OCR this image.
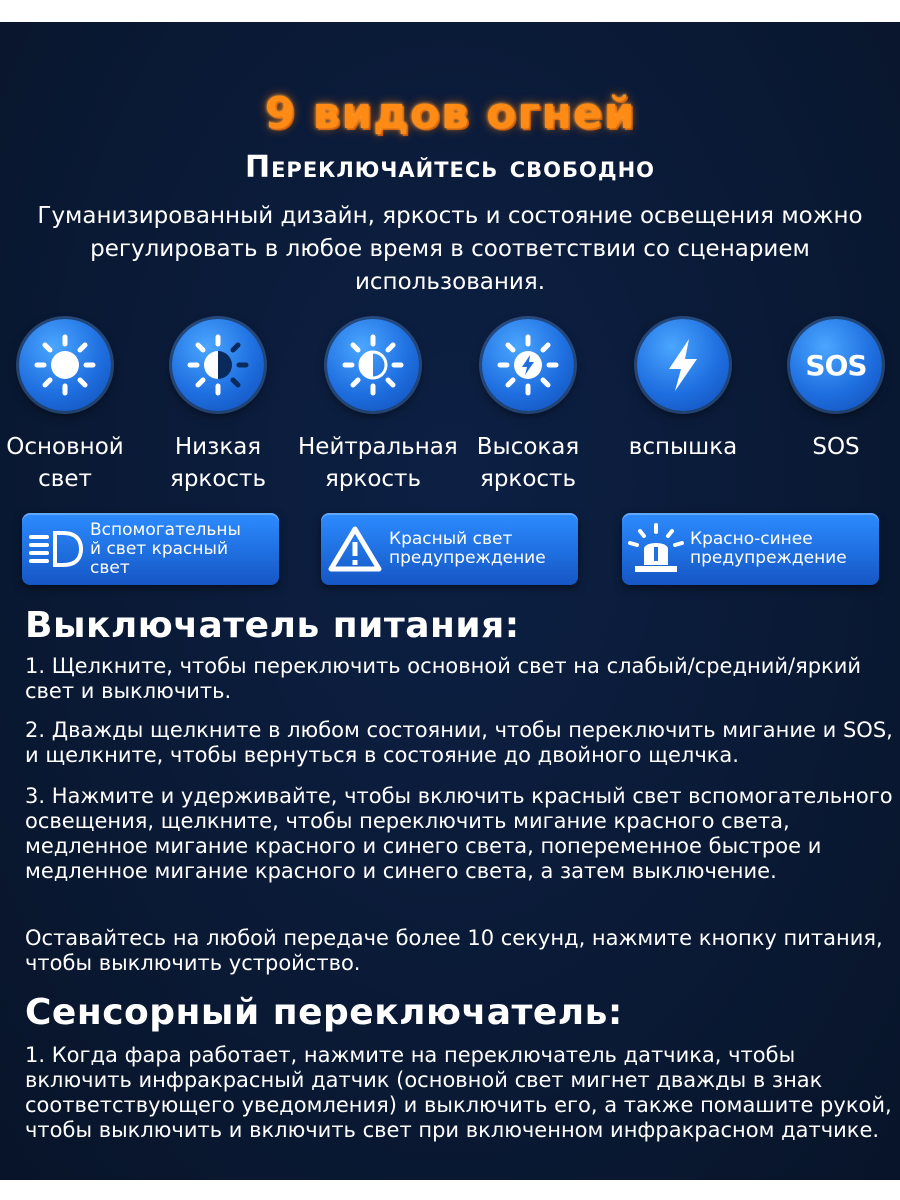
9 видов огней
Переключайтесь свободно
Гуманизированный дизайн, яркость и состояние освещения можно регулировать в любое время в соответствии со сценарием использования.
Основной
свет
Низкая
яркость
Нейтральная
яркость
Высокая
яркость
вспышка
SOS
SOS
Вспомогательны
й свет красный
свет
Красный свет
предупреждение
Красно-синее
предупреждение
Выключатель питания:
1. Щелкните, чтобы переключить основной свет на слабый/средний/яркий свет и выключить.
2. Дважды щелкните в любом состоянии, чтобы переключить мигание и SOS, и щелкните, чтобы вернуться в состояние до двойного щелчка.
3. Нажмите и удерживайте, чтобы включить красный свет вспомогательного освещения, щелкните, чтобы переключить мигание красного света, медленное мигание красного и синего света, попеременное быстрое и медленное мигание красного и синего света, а затем выключение.
Оставайтесь на любой передаче более 10 секунд, нажмите кнопку питания, чтобы выключить устройство.
Сенсорный переключатель:
1. Когда фара работает, нажмите на переключатель датчика, чтобы включить инфракрасный датчик (основной свет мигнет дважды в знак соответствующего уведомления) и выключить его, а также помашите рукой, чтобы выключить и включить свет при включенном инфракрасном датчике.
